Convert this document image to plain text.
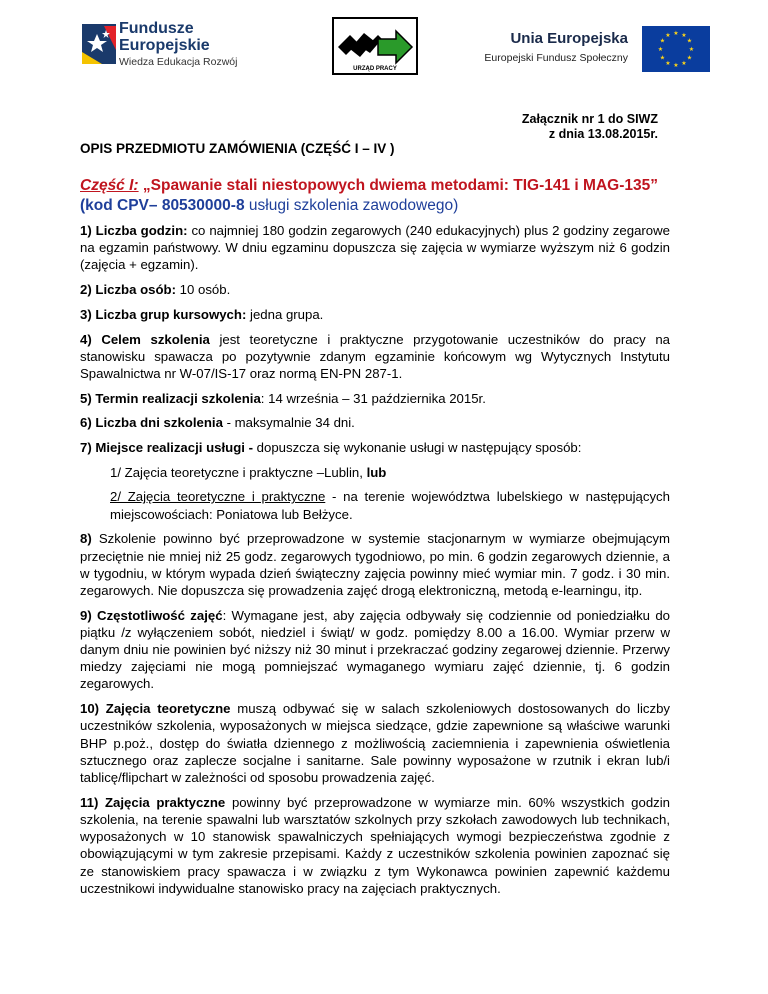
Fundusze
Europejskie
Wiedza Edukacja Rozwój
URZĄD PRACY
Unia Europejska
Europejski Fundusz Społeczny
★ ★
★
★
★
★
★
★
★
★
★
★
Załącznik nr 1 do SIWZ
z dnia 13.08.2015r.
OPIS PRZEDMIOTU ZAMÓWIENIA (CZĘŚĆ I – IV )
Część I: „Spawanie stali niestopowych dwiema metodami: TIG-141 i MAG-135” (kod CPV– 80530000-8 usługi szkolenia zawodowego)

1) Liczba godzin: co najmniej 180 godzin zegarowych (240 edukacyjnych) plus 2 godziny zegarowe na egzamin państwowy. W dniu egzaminu dopuszcza się zajęcia w wymiarze wyższym niż 6 godzin (zajęcia + egzamin).

2) Liczba osób: 10 osób.

3) Liczba grup kursowych: jedna grupa.

4) Celem szkolenia jest teoretyczne i praktyczne przygotowanie uczestników do pracy na stanowisku spawacza po pozytywnie zdanym egzaminie końcowym wg Wytycznych Instytutu Spawalnictwa nr W-07/IS-17 oraz normą EN-PN 287-1.

5) Termin realizacji szkolenia: 14 września – 31 października 2015r.

6) Liczba dni szkolenia - maksymalnie 34 dni.

7) Miejsce realizacji usługi - dopuszcza się wykonanie usługi w następujący sposób:

1/ Zajęcia teoretyczne i praktyczne –Lublin, lub

2/ Zajęcia teoretyczne i praktyczne - na terenie województwa lubelskiego w następujących miejscowościach: Poniatowa lub Bełżyce.

8) Szkolenie powinno być przeprowadzone w systemie stacjonarnym w wymiarze obejmującym przeciętnie nie mniej niż 25 godz. zegarowych tygodniowo, po min. 6 godzin zegarowych dziennie, a w tygodniu, w którym wypada dzień świąteczny zajęcia powinny mieć wymiar min. 7 godz. i 30 min. zegarowych. Nie dopuszcza się prowadzenia zajęć drogą elektroniczną, metodą e-learningu, itp.

9) Częstotliwość zajęć: Wymagane jest, aby zajęcia odbywały się codziennie od poniedziałku do piątku /z wyłączeniem sobót, niedziel i świąt/ w godz. pomiędzy 8.00 a 16.00. Wymiar przerw w danym dniu nie powinien być niższy niż 30 minut i przekraczać godziny zegarowej dziennie. Przerwy miedzy zajęciami nie mogą pomniejszać wymaganego wymiaru zajęć dziennie, tj. 6 godzin zegarowych.

10) Zajęcia teoretyczne muszą odbywać się w salach szkoleniowych dostosowanych do liczby uczestników szkolenia, wyposażonych w miejsca siedzące, gdzie zapewnione są właściwe warunki BHP p.poż., dostęp do światła dziennego z możliwością zaciemnienia i zapewnienia oświetlenia sztucznego oraz zaplecze socjalne i sanitarne. Sale powinny wyposażone w rzutnik i ekran lub/i tablicę/flipchart w zależności od sposobu prowadzenia zajęć.

11) Zajęcia praktyczne powinny być przeprowadzone w wymiarze min. 60% wszystkich godzin szkolenia, na terenie spawalni lub warsztatów szkolnych przy szkołach zawodowych lub technikach, wyposażonych w 10 stanowisk spawalniczych spełniających wymogi bezpieczeństwa zgodnie z obowiązującymi w tym zakresie przepisami. Każdy z uczestników szkolenia powinien zapoznać się ze stanowiskiem pracy spawacza i w związku z tym Wykonawca powinien zapewnić każdemu uczestnikowi indywidualne stanowisko pracy na zajęciach praktycznych.
